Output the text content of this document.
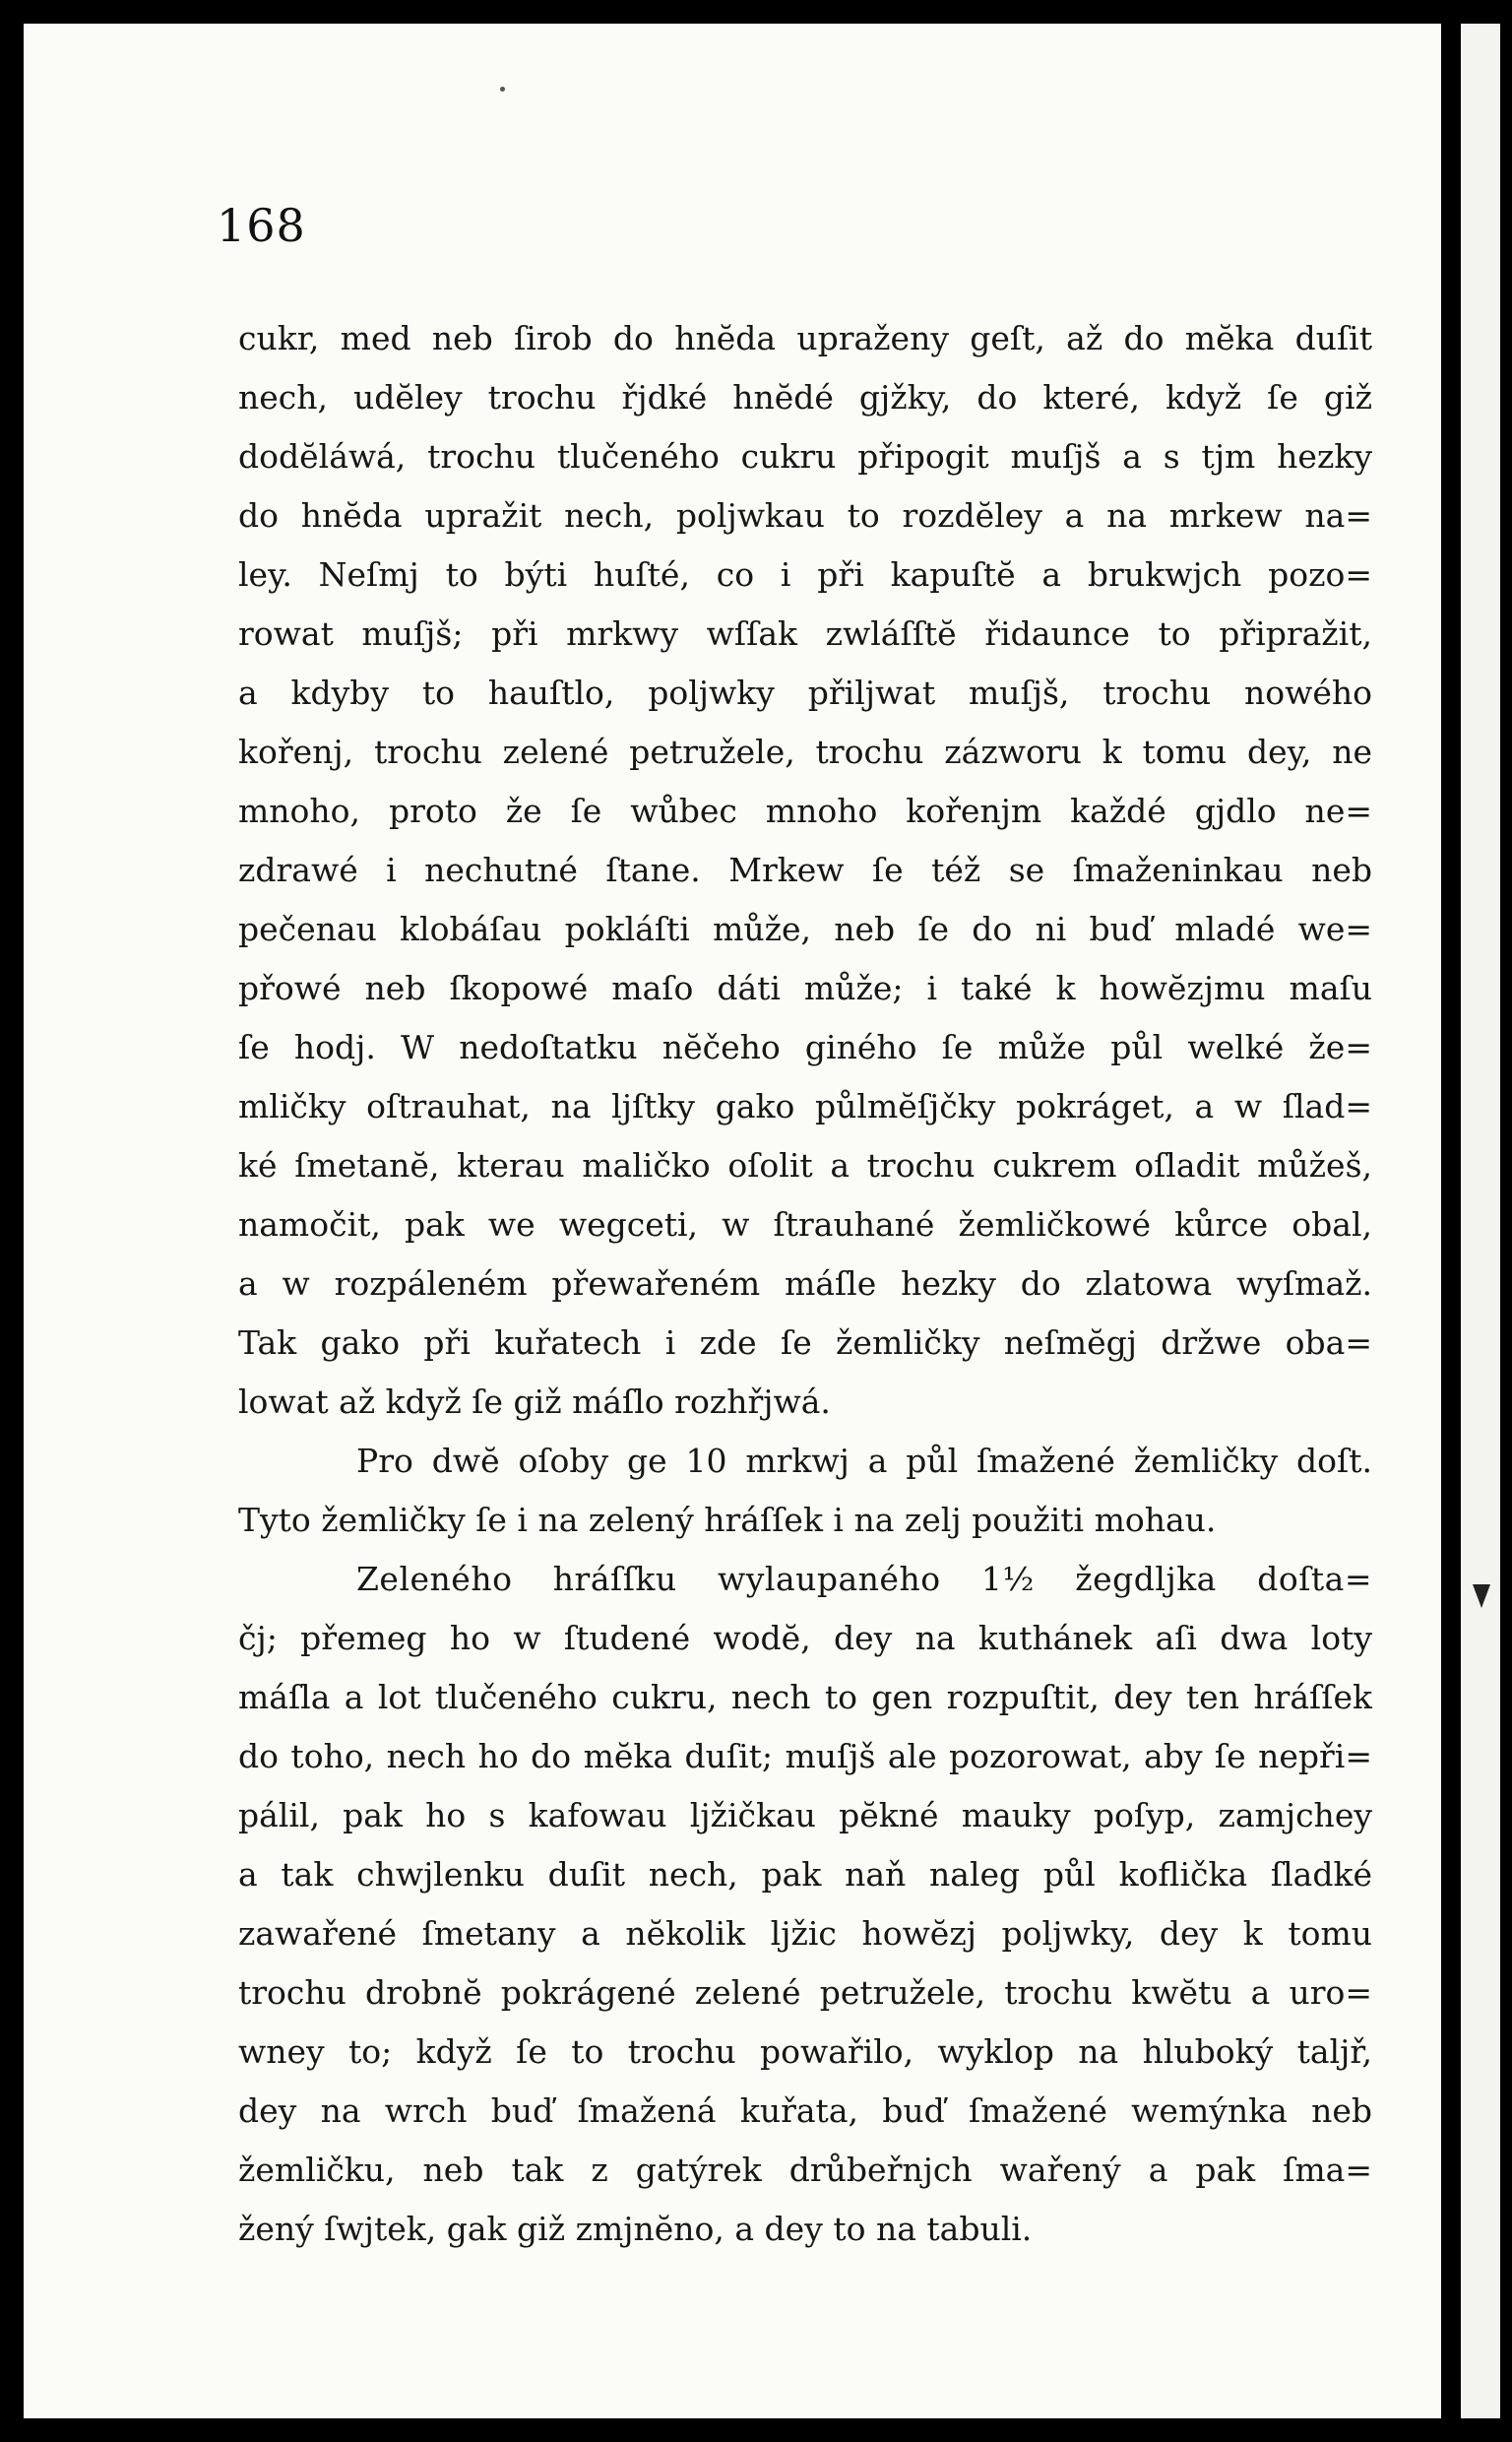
168
cukr, med neb ſirob do hnĕda upraženy geſt, až do mĕka duſit
nech, udĕley trochu řjdké hnĕdé gjžky, do které, když ſe giž
dodĕláwá, trochu tlučeného cukru připogit muſjš a s tjm hezky
do hnĕda upražit nech, poljwkau to rozdĕley a na mrkew na=
ley. Neſmj to býti huſté, co i při kapuſtĕ a brukwjch pozo=
rowat muſjš; při mrkwy wſſak zwláſſtĕ řidaunce to připražit,
a kdyby to hauſtlo, poljwky přiljwat muſjš, trochu nowého
kořenj, trochu zelené petružele, trochu zázworu k tomu dey, ne
mnoho, proto že ſe wůbec mnoho kořenjm každé gjdlo ne=
zdrawé i nechutné ſtane. Mrkew ſe též se ſmaženinkau neb
pečenau klobáſau pokláſti může, neb ſe do ni buď mladé we=
přowé neb ſkopowé maſo dáti může; i také k howĕzjmu maſu
ſe hodj. W nedoſtatku nĕčeho giného ſe může půl welké že=
mličky oſtrauhat, na ljſtky gako půlmĕſjčky pokráget, a w ſlad=
ké ſmetanĕ, kterau maličko oſolit a trochu cukrem oſladit můžeš,
namočit, pak we wegceti, w ſtrauhané žemličkowé kůrce obal,
a w rozpáleném přewařeném máſle hezky do zlatowa wyſmaž.
Tak gako při kuřatech i zde ſe žemličky neſmĕgj držwe oba=
lowat až když ſe giž máſlo rozhřjwá.
Pro dwĕ oſoby ge 10 mrkwj a půl ſmažené žemličky doſt.
Tyto žemličky ſe i na zelený hráſſek i na zelj použiti mohau.
Zeleného hráſſku wylaupaného 1½ žegdljka doſta=
čj; přemeg ho w ſtudené wodĕ, dey na kuthánek aſi dwa loty
máſla a lot tlučeného cukru, nech to gen rozpuſtit, dey ten hráſſek
do toho, nech ho do mĕka duſit; muſjš ale pozorowat, aby ſe nepři=
pálil, pak ho s kafowau ljžičkau pĕkné mauky poſyp, zamjchey
a tak chwjlenku duſit nech, pak naň naleg půl koflička ſladké
zawařené ſmetany a nĕkolik ljžic howĕzj poljwky, dey k tomu
trochu drobnĕ pokrágené zelené petružele, trochu kwĕtu a uro=
wney to; když ſe to trochu powařilo, wyklop na hluboký taljř,
dey na wrch buď ſmažená kuřata, buď ſmažené wemýnka neb
žemličku, neb tak z gatýrek drůbeřnjch wařený a pak ſma=
žený ſwjtek, gak giž zmjnĕno, a dey to na tabuli.
